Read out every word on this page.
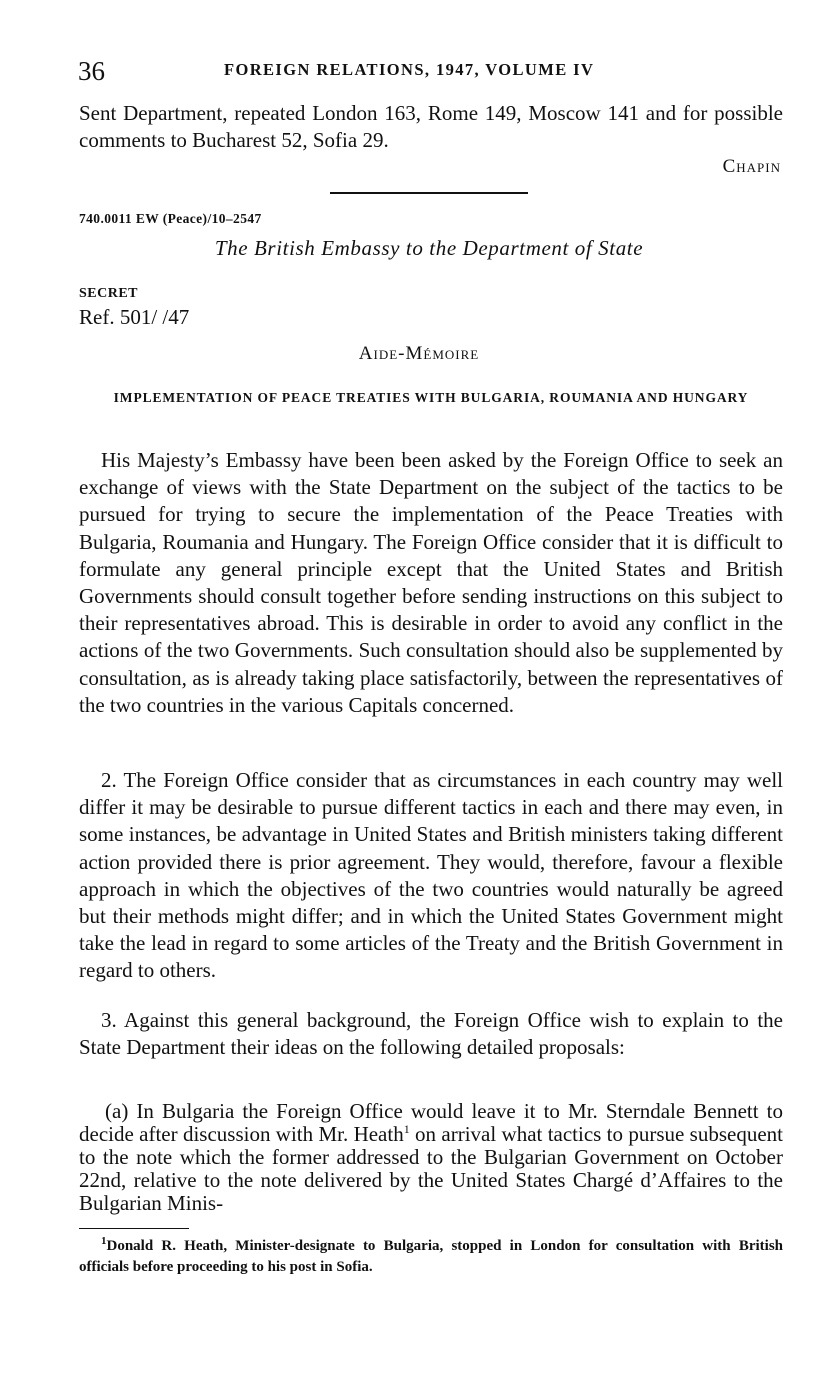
36	FOREIGN RELATIONS, 1947, VOLUME IV

Sent Department, repeated London 163, Rome 149, Moscow 141 and for possible comments to Bucharest 52, Sofia 29.

Chapin
740.0011 EW (Peace)/10–2547
The British Embassy to the Department of State
SECRET
Ref. 501/ /47
Aide-Mémoire
IMPLEMENTATION OF PEACE TREATIES WITH BULGARIA, ROUMANIA AND HUNGARY

His Majesty’s Embassy have been been asked by the Foreign Office to seek an exchange of views with the State Department on the subject of the tactics to be pursued for trying to secure the implementation of the Peace Treaties with Bulgaria, Roumania and Hungary. The Foreign Office consider that it is difficult to formulate any general principle except that the United States and British Governments should consult together before sending instructions on this subject to their representatives abroad. This is desirable in order to avoid any conflict in the actions of the two Governments. Such consultation should also be supplemented by consultation, as is already taking place satisfactorily, between the representatives of the two countries in the various Capitals concerned.

2. The Foreign Office consider that as circumstances in each country may well differ it may be desirable to pursue different tactics in each and there may even, in some instances, be advantage in United States and British ministers taking different action provided there is prior agreement. They would, therefore, favour a flexible approach in which the objectives of the two countries would naturally be agreed but their methods might differ; and in which the United States Government might take the lead in regard to some articles of the Treaty and the British Government in regard to others.

3. Against this general background, the Foreign Office wish to explain to the State Department their ideas on the following detailed proposals:

(a) In Bulgaria the Foreign Office would leave it to Mr. Sterndale Bennett to decide after discussion with Mr. Heath$^1$ on arrival what tactics to pursue subsequent to the note which the former addressed to the Bulgarian Government on October 22nd, relative to the note delivered by the United States Chargé d’Affaires to the Bulgarian Minis-

$^1$Donald R. Heath, Minister-designate to Bulgaria, stopped in London for consultation with British officials before proceeding to his post in Sofia.
